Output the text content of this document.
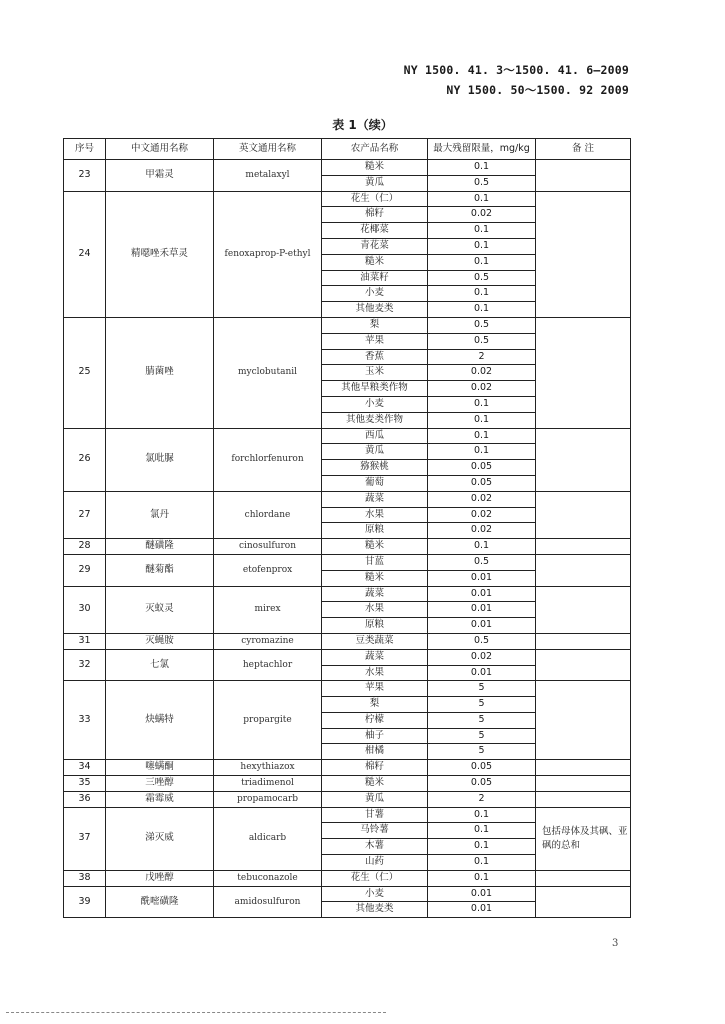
NY 1500. 41. 3～1500. 41. 6—2009
NY 1500. 50～1500. 92 2009
表 1（续）
序号	中文通用名称	英文通用名称	农产品名称	最大残留限量，mg/kg	备 注
23	甲霜灵	metalaxyl	糙米	0.1	
			黄瓜	0.5	
24	精噁唑禾草灵	fenoxaprop-P-ethyl	花生（仁）	0.1	
			棉籽	0.02	
			花椰菜	0.1	
			青花菜	0.1	
			糙米	0.1	
			油菜籽	0.5	
			小麦	0.1	
			其他麦类	0.1	
25	腈菌唑	myclobutanil	梨	0.5	
			苹果	0.5	
			香蕉	2	
			玉米	0.02	
			其他旱粮类作物	0.02	
			小麦	0.1	
			其他麦类作物	0.1	
26	氯吡脲	forchlorfenuron	西瓜	0.1	
			黄瓜	0.1	
			猕猴桃	0.05	
			葡萄	0.05	
27	氯丹	chlordane	蔬菜	0.02	
			水果	0.02	
			原粮	0.02	
28	醚磺隆	cinosulfuron	糙米	0.1	
29	醚菊酯	etofenprox	甘蓝	0.5	
			糙米	0.01	
30	灭蚁灵	mirex	蔬菜	0.01	
			水果	0.01	
			原粮	0.01	
31	灭蝇胺	cyromazine	豆类蔬菜	0.5	
32	七氯	heptachlor	蔬菜	0.02	
			水果	0.01	
33	炔螨特	propargite	苹果	5	
			梨	5	
			柠檬	5	
			柚子	5	
			柑橘	5	
34	噻螨酮	hexythiazox	棉籽	0.05	
35	三唑醇	triadimenol	糙米	0.05	
36	霜霉威	propamocarb	黄瓜	2	
37	涕灭威	aldicarb	甘薯	0.1	包括母体及其砜、亚砜的总和
			马铃薯	0.1	
			木薯	0.1	
			山药	0.1	
38	戊唑醇	tebuconazole	花生（仁）	0.1	
39	酰嘧磺隆	amidosulfuron	小麦	0.01	
			其他麦类	0.01	
3
